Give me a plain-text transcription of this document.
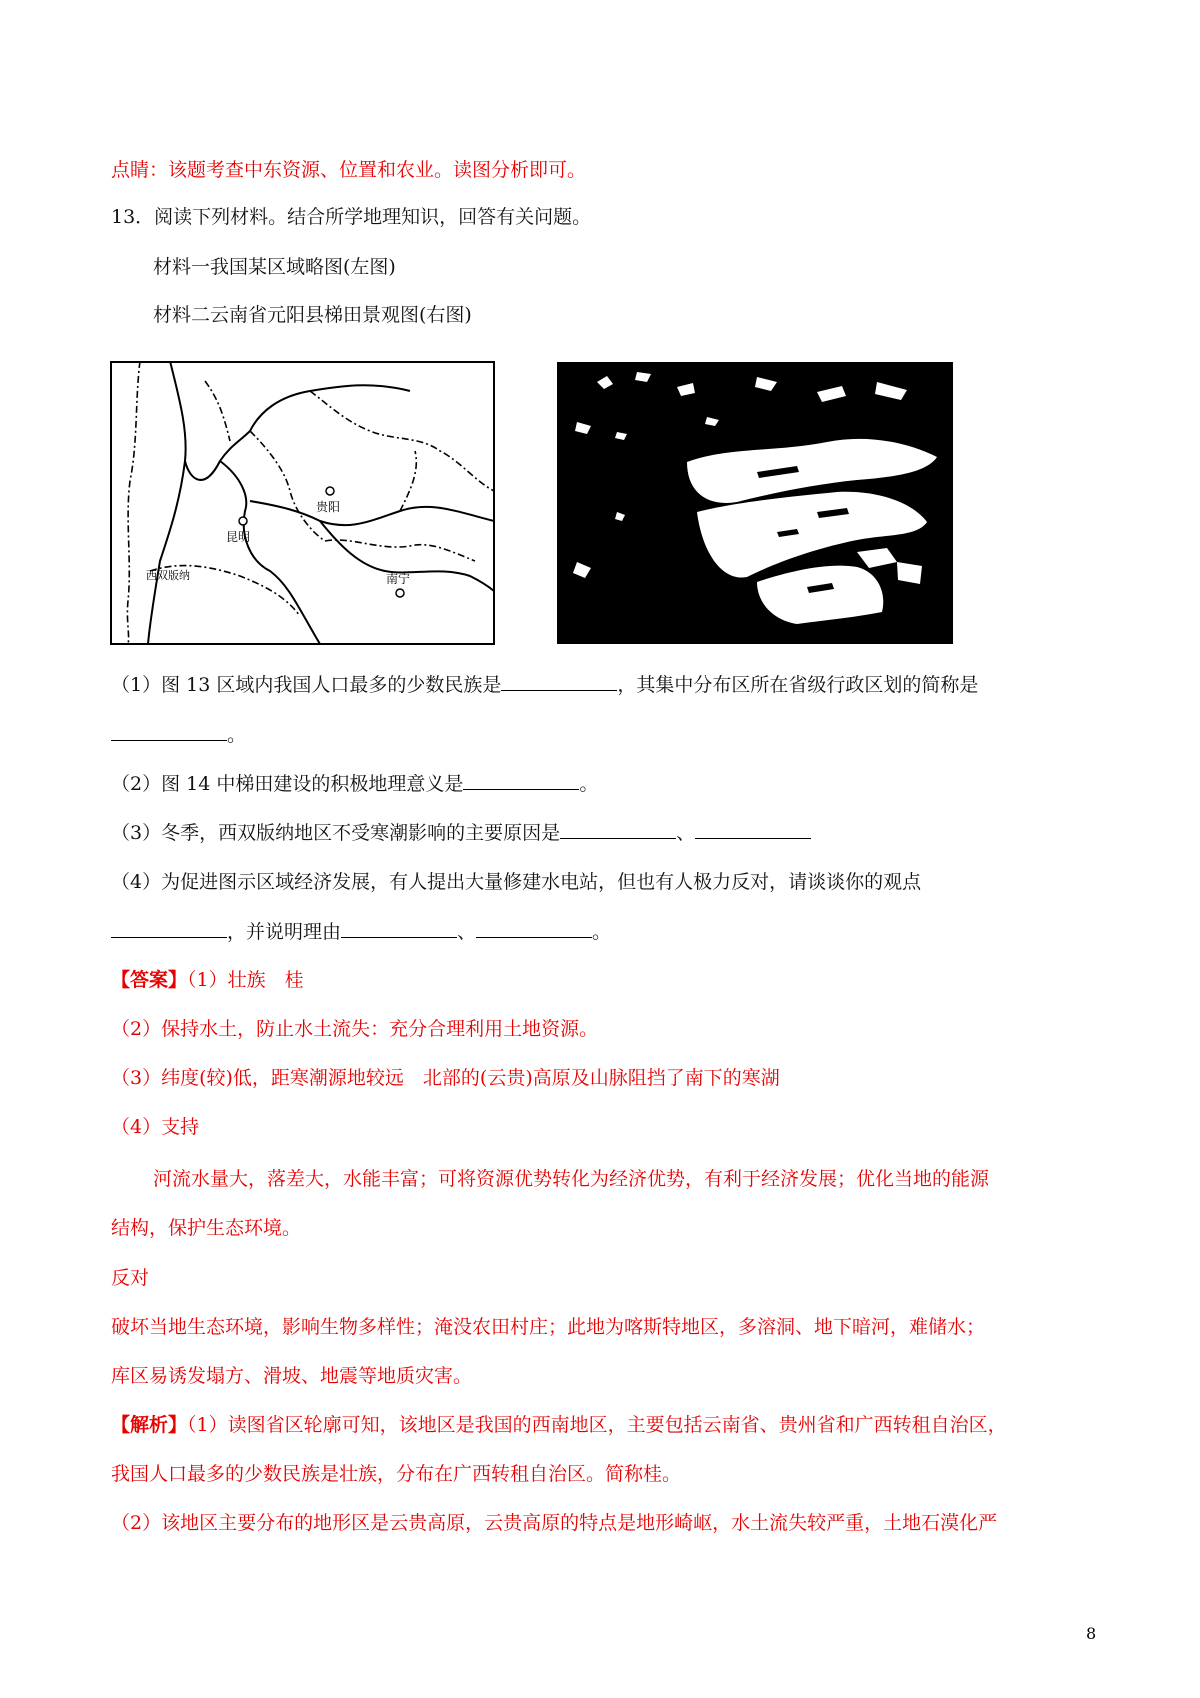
点睛：该题考查中东资源、位置和农业。读图分析即可。
13．阅读下列材料。结合所学地理知识，回答有关问题。
材料一我国某区域略图(左图)
材料二云南省元阳县梯田景观图(右图)
贵阳
昆明
西双版纳	南宁
（1）图 13 区域内我国人口最多的少数民族是	，其集中分布区所在省级行政区划的简称是
。
（2）图 14 中梯田建设的积极地理意义是	。
（3）冬季，西双版纳地区不受寒潮影响的主要原因是	、
（4）为促进图示区域经济发展，有人提出大量修建水电站，但也有人极力反对，请谈谈你的观点
，并说明理由	、	。
【答案】（1）壮族　桂
（2）保持水土，防止水土流失：充分合理利用土地资源。
（3）纬度(较)低，距寒潮源地较远　北部的(云贵)高原及山脉阻挡了南下的寒湖
（4）支持
河流水量大，落差大，水能丰富；可将资源优势转化为经济优势，有利于经济发展；优化当地的能源
结构，保护生态环境。
反对
破坏当地生态环境，影响生物多样性；淹没农田村庄；此地为喀斯特地区，多溶洞、地下暗河，难储水；
库区易诱发塌方、滑坡、地震等地质灾害。
【解析】（1）读图省区轮廓可知，该地区是我国的西南地区，主要包括云南省、贵州省和广西转租自治区，
我国人口最多的少数民族是壮族，分布在广西转租自治区。简称桂。
（2）该地区主要分布的地形区是云贵高原，云贵高原的特点是地形崎岖，水土流失较严重，土地石漠化严
8
